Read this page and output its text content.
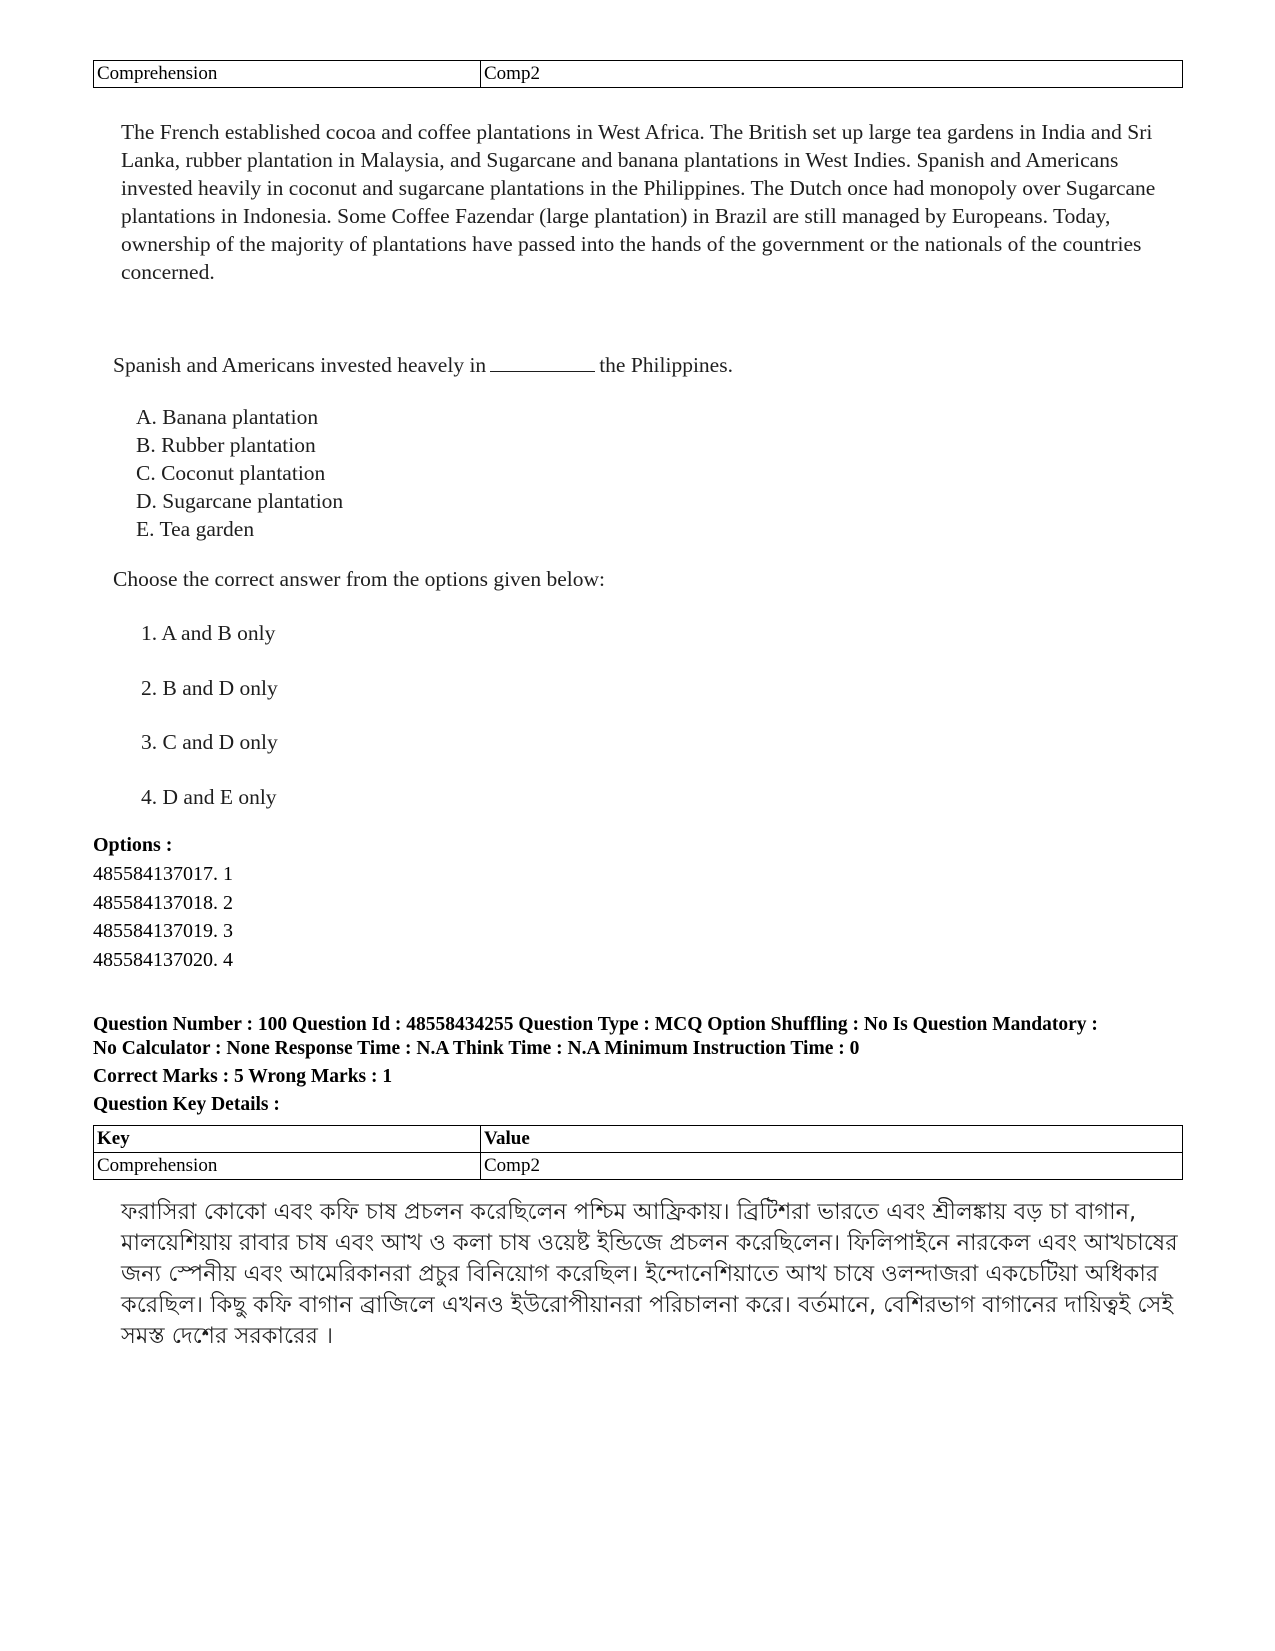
Comprehension	Comp2
The French established cocoa and coffee plantations in West Africa. The British set up large tea gardens in India and Sri Lanka, rubber plantation in Malaysia, and Sugarcane and banana plantations in West Indies. Spanish and Americans invested heavily in coconut and sugarcane plantations in the Philippines. The Dutch once had monopoly over Sugarcane plantations in Indonesia. Some Coffee Fazendar (large plantation) in Brazil are still managed by Europeans. Today, ownership of the majority of plantations have passed into the hands of the government or the nationals of the countries concerned.
Spanish and Americans invested heavely in	the Philippines.
A. Banana plantation
B. Rubber plantation
C. Coconut plantation
D. Sugarcane plantation
E. Tea garden
Choose the correct answer from the options given below:
1. A and B only
2. B and D only
3. C and D only
4. D and E only
Options :
485584137017. 1
485584137018. 2
485584137019. 3
485584137020. 4
Question Number : 100 Question Id : 48558434255 Question Type : MCQ Option Shuffling : No Is Question Mandatory :
No Calculator : None Response Time : N.A Think Time : N.A Minimum Instruction Time : 0
Correct Marks : 5 Wrong Marks : 1
Question Key Details :
Key	Value
Comprehension	Comp2
ফরাসিরা কোকো এবং কফি চাষ প্রচলন করেছিলেন পশ্চিম আফ্রিকায়। ব্রিটিশরা ভারতে এবং শ্রীলঙ্কায় বড় চা বাগান, মালয়েশিয়ায় রাবার চাষ এবং আখ ও কলা চাষ ওয়েষ্ট ইন্ডিজে প্রচলন করেছিলেন। ফিলিপাইনে নারকেল এবং আখচাষের জন্য স্পেনীয় এবং আমেরিকানরা প্রচুর বিনিয়োগ করেছিল। ইন্দোনেশিয়াতে আখ চাষে ওলন্দাজরা একচেটিয়া অধিকার করেছিল। কিছু কফি বাগান ব্রাজিলে এখনও ইউরোপীয়ানরা পরিচালনা করে। বর্তমানে, বেশিরভাগ বাগানের দায়িত্বই সেই সমস্ত দেশের সরকারের ।
